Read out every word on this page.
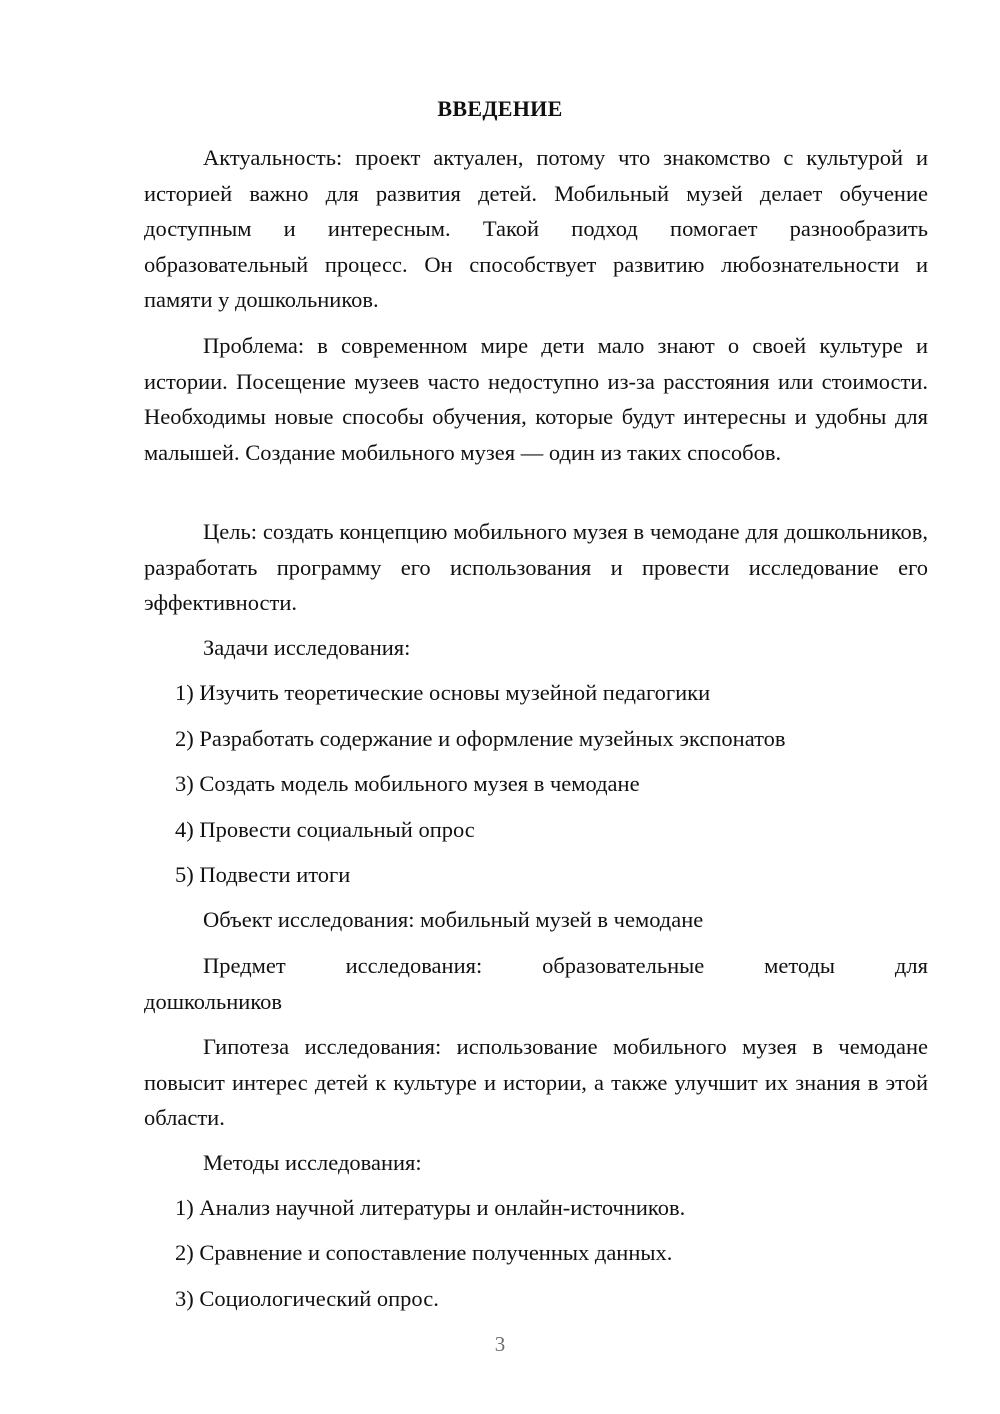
ВВЕДЕНИЕ

Актуальность: проект актуален, потому что знакомство с культурой и историей важно для развития детей. Мобильный музей делает обучение доступным и интересным. Такой подход помогает разнообразить образовательный процесс. Он способствует развитию любознательности и памяти у дошкольников.

Проблема: в современном мире дети мало знают о своей культуре и истории. Посещение музеев часто недоступно из-за расстояния или стоимости. Необходимы новые способы обучения, которые будут интересны и удобны для малышей. Создание мобильного музея — один из таких способов.

Цель: создать концепцию мобильного музея в чемодане для дошкольников, разработать программу его использования и провести исследование его эффективности.

Задачи исследования:
1) Изучить теоретические основы музейной педагогики
2) Разработать содержание и оформление музейных экспонатов
3) Создать модель мобильного музея в чемодане
4) Провести социальный опрос
5) Подвести итоги
Объект исследования: мобильный музей в чемодане
Предмет	исследования:	образовательные	методы	для
дошкольников

Гипотеза исследования: использование мобильного музея в чемодане повысит интерес детей к культуре и истории, а также улучшит их знания в этой области.

Методы исследования:
1) Анализ научной литературы и онлайн-источников.
2) Сравнение и сопоставление полученных данных.
3) Социологический опрос.
3
